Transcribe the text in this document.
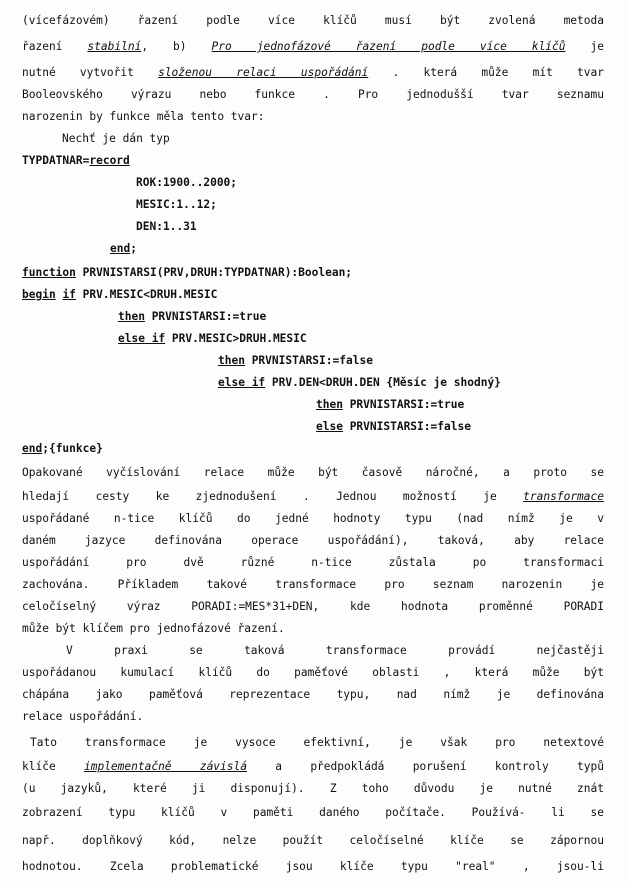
(vícefázovém) řazení podle více klíčů musí být zvolená metoda
řazení stabilní, b) Pro jednofázové řazení podle více klíčů je
nutné vytvořit složenou relaci uspořádání . která může mít tvar
Booleovského výrazu nebo funkce . Pro jednodušší tvar seznamu
narozenin by funkce měla tento tvar:
Nechť je dán typ
TYPDATNAR=record
ROK:1900..2000;
MESIC:1..12;
DEN:1..31
end;
function PRVNISTARSI(PRV,DRUH:TYPDATNAR):Boolean;
begin if PRV.MESIC<DRUH.MESIC
then PRVNISTARSI:=true
else if PRV.MESIC>DRUH.MESIC
then PRVNISTARSI:=false
else if PRV.DEN<DRUH.DEN {Měsíc je shodný}
then PRVNISTARSI:=true
else PRVNISTARSI:=false
end;{funkce}
Opakované vyčíslování relace může být časově náročné, a proto se
hledají cesty ke zjednodušení . Jednou možností je transformace
uspořádané n-tice klíčů do jedné hodnoty typu (nad nímž je v
daném jazyce definována operace uspořádání), taková, aby relace
uspořádání pro dvě různé n-tice zůstala po transformaci
zachována. Příkladem takové transformace pro seznam narozenin je
celočíselný výraz PORADI:=MES*31+DEN, kde hodnota proměnné PORADI
může být klíčem pro jednofázové řazení.
V praxi se taková transformace provádí nejčastěji
uspořádanou kumulací klíčů do paměťové oblasti , která může být
chápána jako paměťová reprezentace typu, nad nímž je definována
relace uspořádání.
Tato transformace je vysoce efektivní, je však pro netextové
klíče implementačně závislá a předpokládá porušení kontroly typů
(u jazyků, které ji disponují). Z toho důvodu je nutné znát
zobrazení typu klíčů v paměti daného počítače. Používá- li se
např. doplňkový kód, nelze použít celočíselné klíče se zápornou
hodnotou. Zcela problematické jsou klíče typu "real" , jsou-li
